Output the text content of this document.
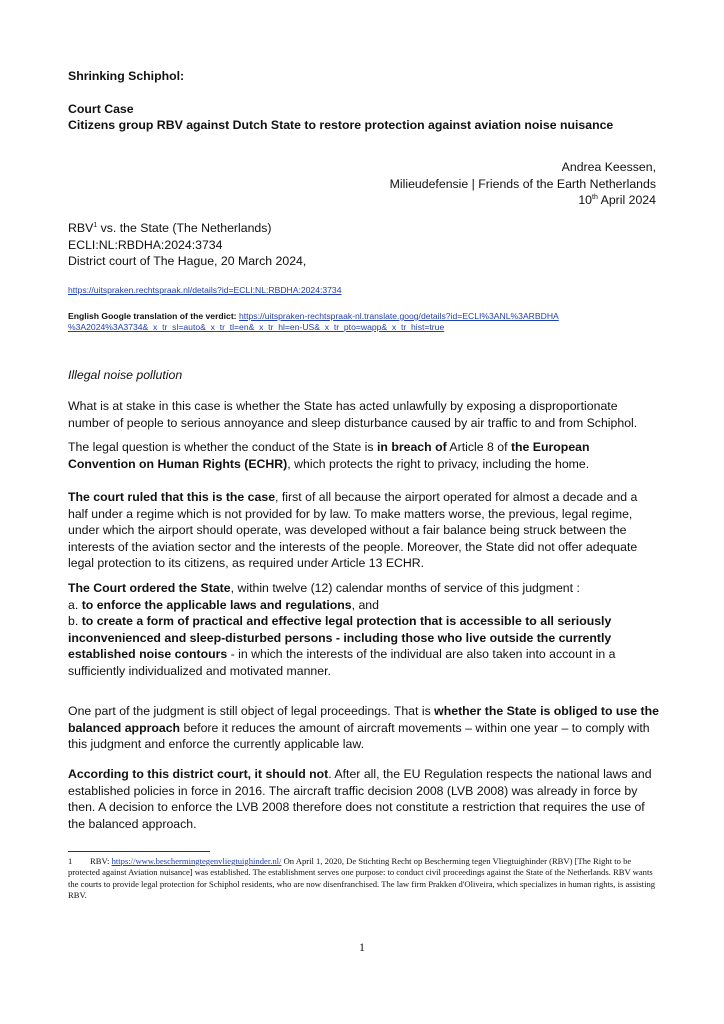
Shrinking Schiphol:
Court Case
Citizens group RBV against Dutch State to restore protection against aviation noise nuisance
Andrea Keessen,
Milieudefensie | Friends of the Earth Netherlands
10th April 2024
RBV$^1$ vs. the State (The Netherlands)
ECLI:NL:RBDHA:2024:3734
District court of The Hague, 20 March 2024,
https://uitspraken.rechtspraak.nl/details?id=ECLI:NL:RBDHA:2024:3734
English Google translation of the verdict: https://uitspraken-rechtspraak-nl.translate.goog/details?id=ECLI%3ANL%3ARBDHA
%3A2024%3A3734&_x_tr_sl=auto&_x_tr_tl=en&_x_tr_hl=en-US&_x_tr_pto=wapp&_x_tr_hist=true
Illegal noise pollution
What is at stake in this case is whether the State has acted unlawfully by exposing a disproportionate number of people to serious annoyance and sleep disturbance caused by air traffic to and from Schiphol.
The legal question is whether the conduct of the State is in breach of Article 8 of the European Convention on Human Rights (ECHR), which protects the right to privacy, including the home.
The court ruled that this is the case, first of all because the airport operated for almost a decade and a half under a regime which is not provided for by law. To make matters worse, the previous, legal regime, under which the airport should operate, was developed without a fair balance being struck between the interests of the aviation sector and the interests of the people. Moreover, the State did not offer adequate legal protection to its citizens, as required under Article 13 ECHR.
The Court ordered the State, within twelve (12) calendar months of service of this judgment :
a. to enforce the applicable laws and regulations, and
b. to create a form of practical and effective legal protection that is accessible to all seriously inconvenienced and sleep-disturbed persons - including those who live outside the currently established noise contours - in which the interests of the individual are also taken into account in a sufficiently individualized and motivated manner.
One part of the judgment is still object of legal proceedings. That is whether the State is obliged to use the balanced approach before it reduces the amount of aircraft movements – within one year – to comply with this judgment and enforce the currently applicable law.
According to this district court, it should not. After all, the EU Regulation respects the national laws and established policies in force in 2016. The aircraft traffic decision 2008 (LVB 2008) was already in force by then. A decision to enforce the LVB 2008 therefore does not constitute a restriction that requires the use of the balanced approach.
1 RBV: https://www.beschermingtegenvliegtuighinder.nl/ On April 1, 2020, De Stichting Recht op Bescherming tegen Vliegtuighinder (RBV) [The Right to be protected against Aviation nuisance] was established. The establishment serves one purpose: to conduct civil proceedings against the State of the Netherlands. RBV wants the courts to provide legal protection for Schiphol residents, who are now disenfranchised. The law firm Prakken d'Oliveira, which specializes in human rights, is assisting RBV.
1
